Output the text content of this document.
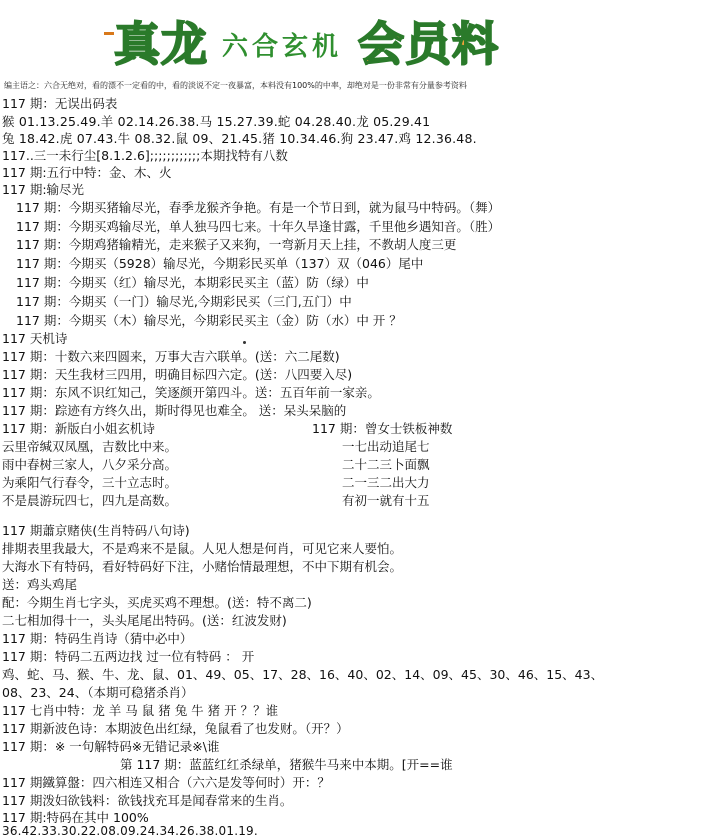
真龙 六合玄机 会员料
编主语之：六合无绝对，看的漂不一定看的中，看的淡说不定一夜暴富，本料没有100%的中率，却绝对是一份非常有分量参考资料
117 期：无误出码表
猴 01.13.25.49.羊 02.14.26.38.马 15.27.39.蛇 04.28.40.龙 05.29.41
兔 18.42.虎 07.43.牛 08.32.鼠 09、21.45.猪 10.34.46.狗 23.47.鸡 12.36.48.
117..三一未行尘[8.1.2.6];;;;;;;;;;;;本期找特有八数
117 期:五行中特：金、木、火
117 期:输尽光
117 期：今期买猪输尽光，春季龙猴齐争艳。有是一个节日到，就为鼠马中特码。（舞）
117 期：今期买鸡输尽光，单人独马四七来。十年久旱逢甘露，千里他乡遇知音。（胜）
117 期：今期鸡猪输精光，走来猴子又来狗，一弯新月天上挂，不教胡人度三更
117 期：今期买（5928）输尽光，今期彩民买单（137）双（046）尾中
117 期：今期买（红）输尽光，本期彩民买主（蓝）防（绿）中
117 期：今期买（一门）输尽光,今期彩民买（三门,五门）中
117 期：今期买（木）输尽光，今期彩民买主（金）防（水）中 开 ？
117 天机诗
117 期：十数六来四圆来，万事大吉六联单。(送：六二尾数)
117 期：天生我材三四用，明确目标四六定。(送：八四要入尽)
117 期：东风不识红知己，笑逐颜开第四斗。送：五百年前一家亲。
117 期：踪迹有方终久出，斯时得见也难全。 送：呆头呆脑的
117 期：新版白小姐玄机诗
云里帝缄双凤凰，吉数比中来。
雨中春树三家人，八夕采分高。
为乘阳气行春令，三十立志时。
不是晨游玩四七，四九是高数。
117 期：曾女士铁板神数
一七出动追尾七
二十二三卜面飘
二一三二出大力
有初一就有十五
117 期蕭京赌侠(生肖特码八句诗)
排期表里我最大，不是鸡来不是鼠。人见人想是何肖，可见它来人要怕。
大海水下有特码，看好特码好下注，小赌怡情最理想，不中下期有机会。
送：鸡头鸡尾
配：今期生肖七字头，买虎买鸡不理想。(送：特不离二)
二七相加得十一，头头尾尾出特码。(送：红波发财)
117 期：特码生肖诗（猜中必中）
117 期：特码二五两边找 过一位有特码 ： 开
鸡、蛇、马、猴、牛、龙、鼠、01、49、05、17、28、16、40、02、14、09、45、30、46、15、43、
08、23、24、（本期可稳猪杀肖）
117 七肖中特：龙 羊 马 鼠 猪 兔 牛 猪 开 ？？谁
117 期新波色诗：本期波色出红绿，兔鼠看了也发财。（开？）
117 期：※ 一句解特码※无错记录※\谁
第 117 期：蓝蓝红红杀绿单，猪猴牛马来中本期。[开==谁
117 期鐵算盤：四六相连又相合（六六是发等何时）开：？
117 期泼妇欲钱料：欲钱找充耳是闻春常来的生肖。
117 期:特码在其中 100%
36.42.33.30.22.08.09.24.34.26.38.01.19.
